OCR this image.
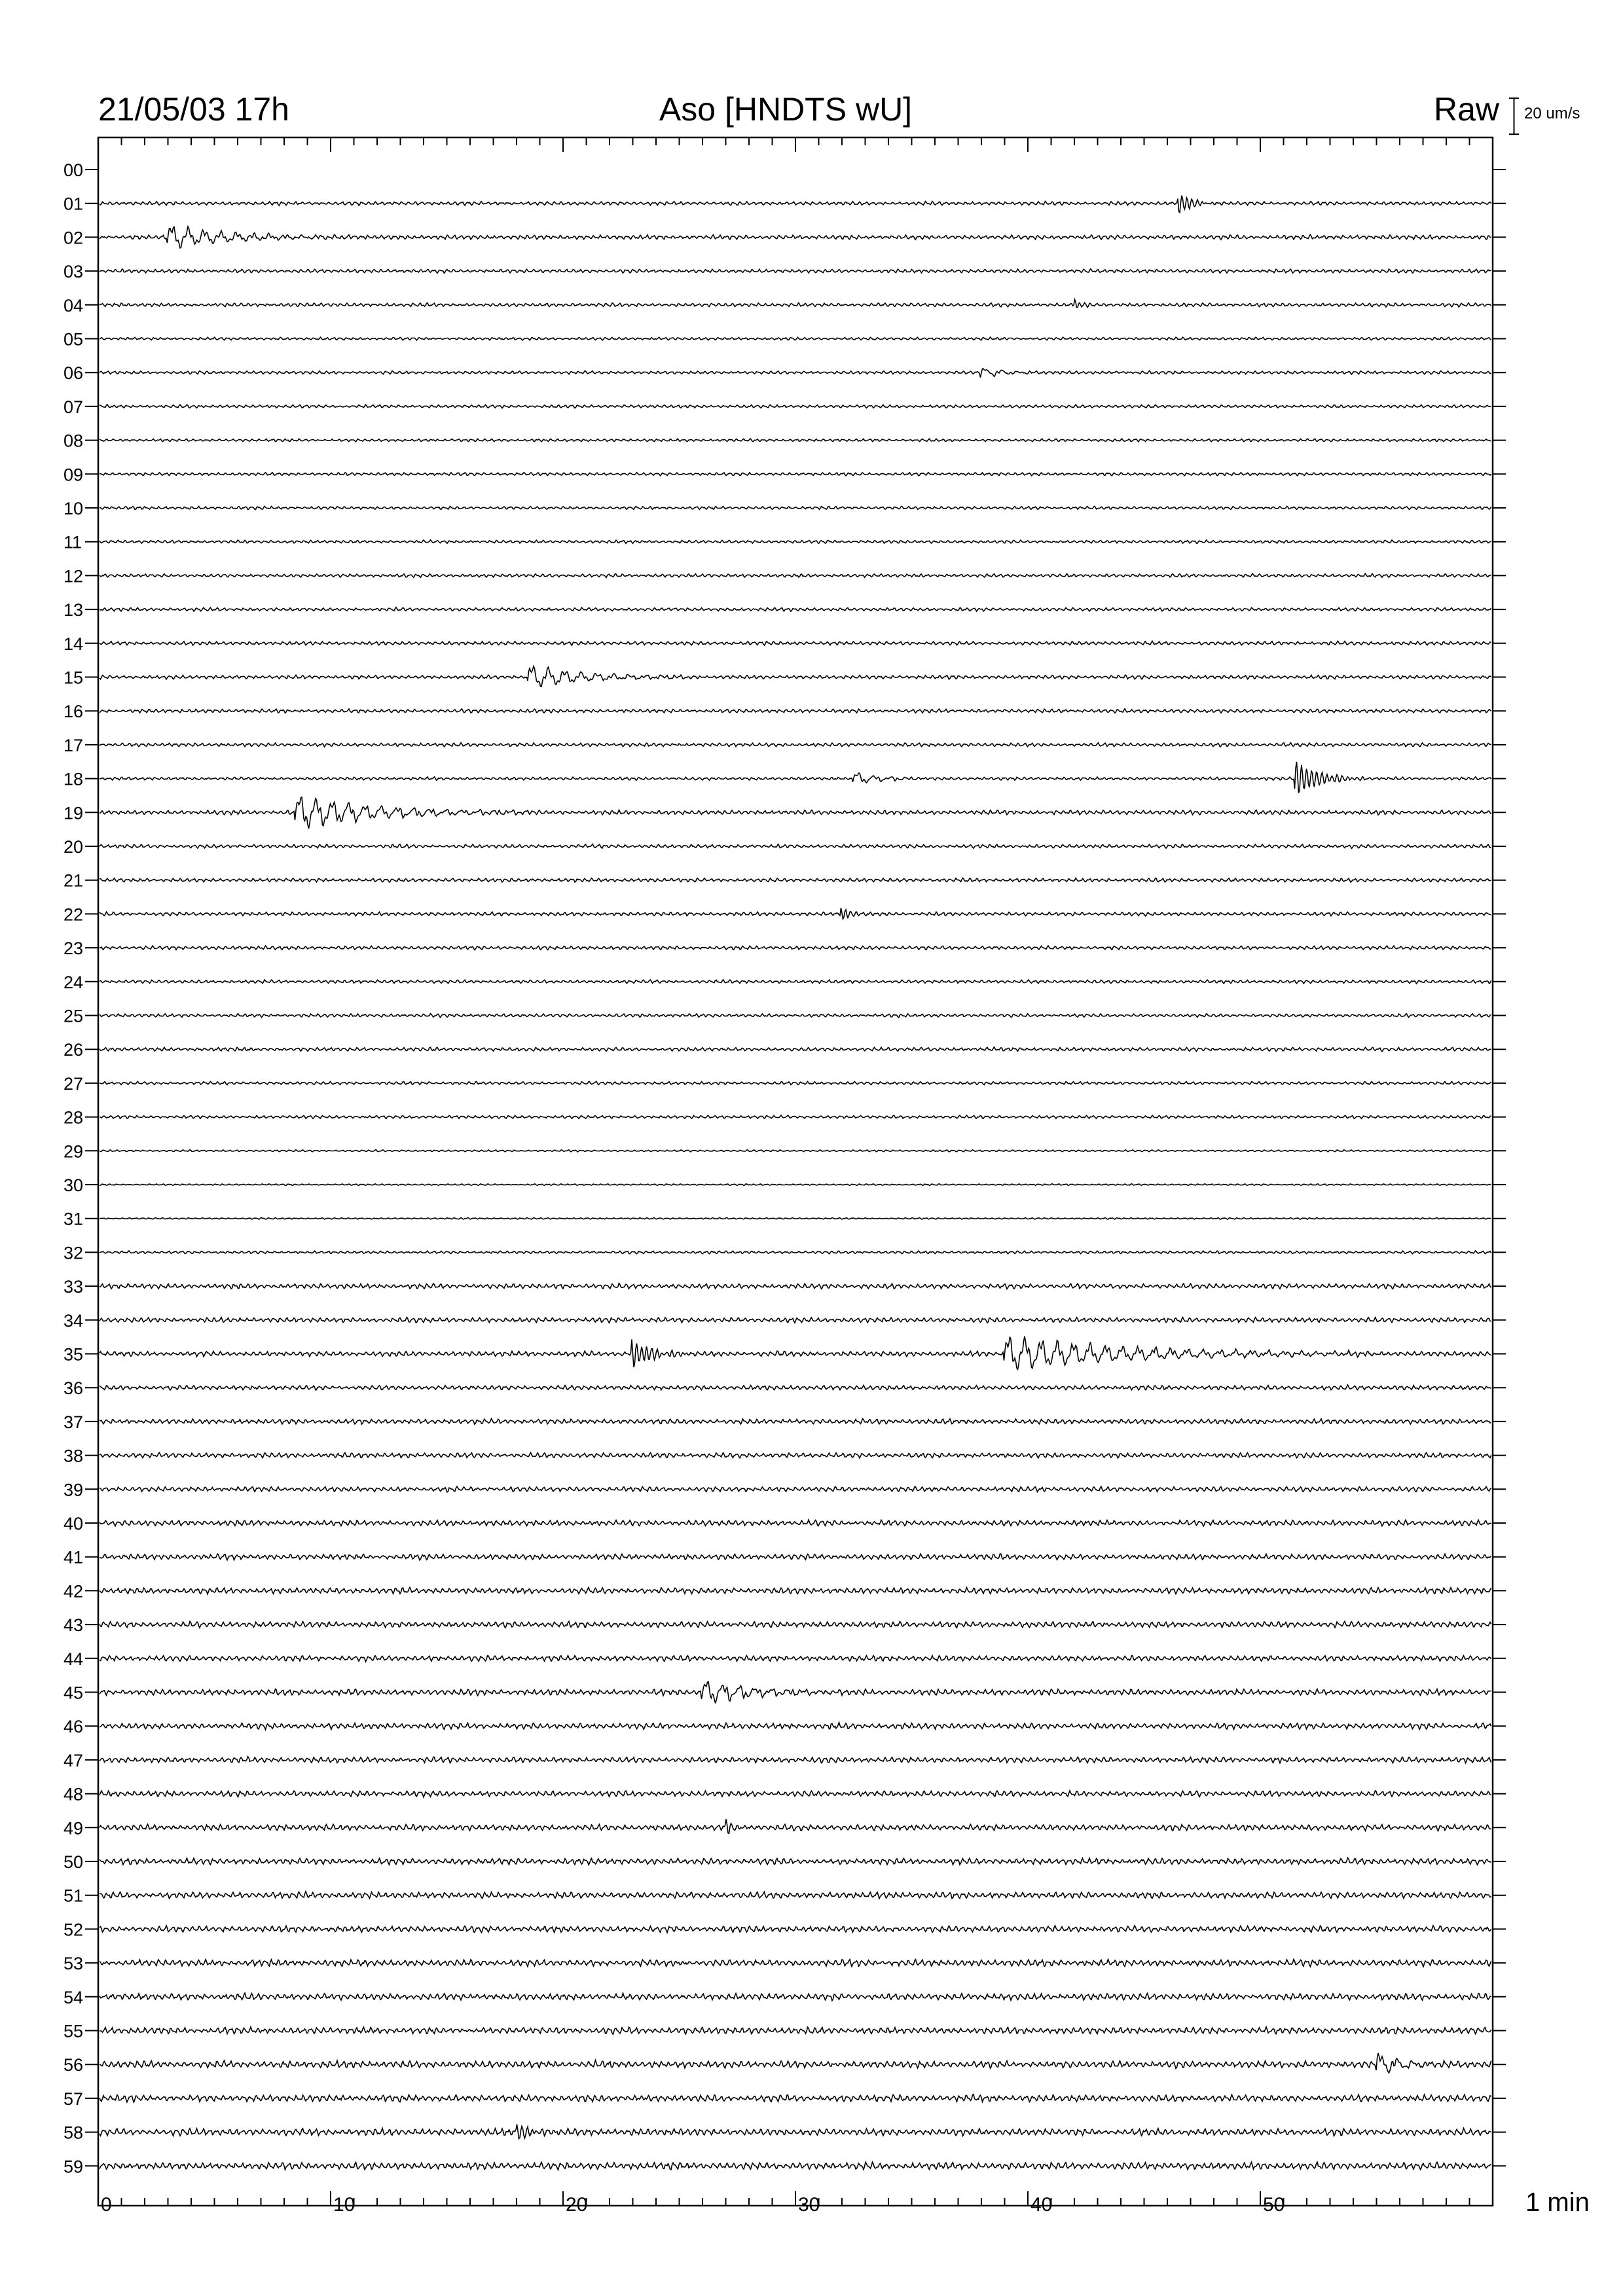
21/05/03 17h	Aso [HNDTS wU]	Raw 20 um/s
1 min
0	10	20	30	40	50
00
01
02
03
04
05
06
07
08
09
10
11
12
13
14
15
16
17
18
19
20
21
22
23
24
25
26
27
28
29
30
31
32
33
34
35
36
37
38
39
40
41
42
43
44
45
46
47
48
49
50
51
52
53
54
55
56
57
58
59
